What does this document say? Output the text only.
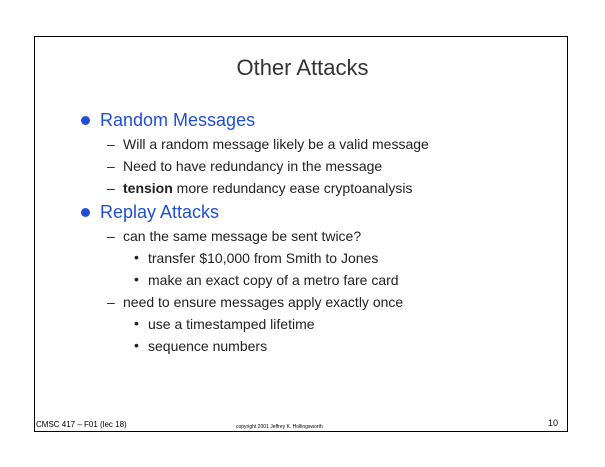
Other Attacks
Random Messages
– Will a random message likely be a valid message
– Need to have redundancy in the message
– tension more redundancy ease cryptoanalysis
Replay Attacks
– can the same message be sent twice?
• transfer $10,000 from Smith to Jones
• make an exact copy of a metro fare card
– need to ensure messages apply exactly once
• use a timestamped lifetime
• sequence numbers
CMSC 417 – F01 (lec 18)	copyright 2001 Jeffrey K. Hollingsworth	10
